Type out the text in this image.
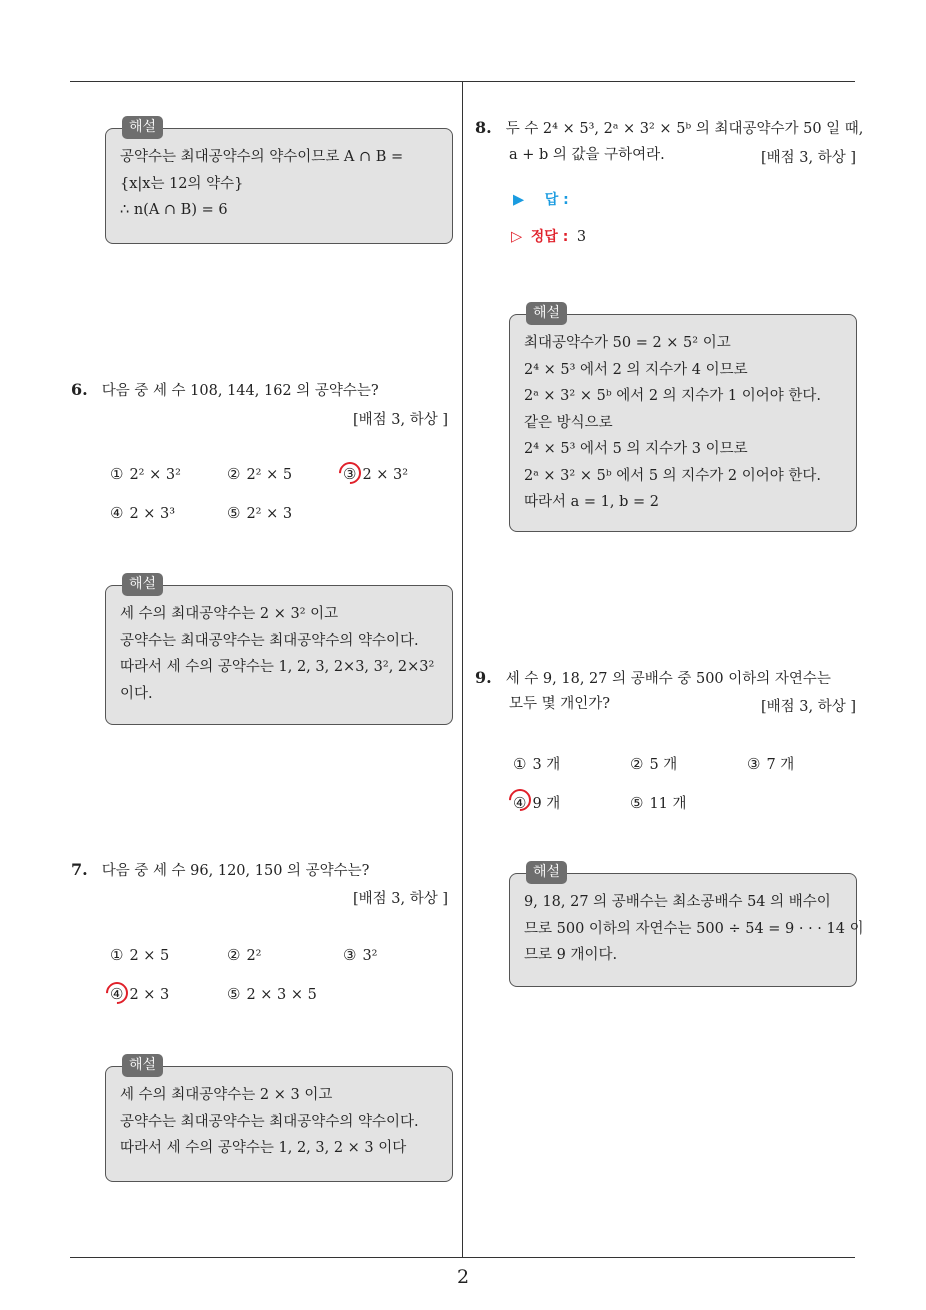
2
해설
공약수는 최대공약수의 약수이므로 A ∩ B =
{x|x는 12의 약수}
∴ n(A ∩ B) = 6
6. 다음 중 세 수 108, 144, 162 의 공약수는?
[배점 3, 하상 ]
① 2² × 3²	② 2² × 5	③ 2 × 3²
④ 2 × 3³	⑤ 2² × 3
해설
세 수의 최대공약수는 2 × 3² 이고
공약수는 최대공약수는 최대공약수의 약수이다.
따라서 세 수의 공약수는 1, 2, 3, 2×3, 3², 2×3²
이다.
7. 다음 중 세 수 96, 120, 150 의 공약수는?
[배점 3, 하상 ]
① 2 × 5	② 2²	③ 3²
④ 2 × 3	⑤ 2 × 3 × 5
해설
세 수의 최대공약수는 2 × 3 이고
공약수는 최대공약수는 최대공약수의 약수이다.
따라서 세 수의 공약수는 1, 2, 3, 2 × 3 이다
8. 두 수 2⁴ × 5³, 2ᵃ × 3² × 5ᵇ 의 최대공약수가 50 일 때,
a + b 의 값을 구하여라.	[배점 3, 하상 ]
▶ 답 :
▷ 정답 : 3
해설
최대공약수가 50 = 2 × 5² 이고
2⁴ × 5³ 에서 2 의 지수가 4 이므로
2ᵃ × 3² × 5ᵇ 에서 2 의 지수가 1 이어야 한다.
같은 방식으로
2⁴ × 5³ 에서 5 의 지수가 3 이므로
2ᵃ × 3² × 5ᵇ 에서 5 의 지수가 2 이어야 한다.
따라서 a = 1, b = 2
9. 세 수 9, 18, 27 의 공배수 중 500 이하의 자연수는
모두 몇 개인가?	[배점 3, 하상 ]
① 3 개	② 5 개	③ 7 개
④ 9 개	⑤ 11 개
해설
9, 18, 27 의 공배수는 최소공배수 54 의 배수이
므로 500 이하의 자연수는 500 ÷ 54 = 9 · · · 14 이
므로 9 개이다.
